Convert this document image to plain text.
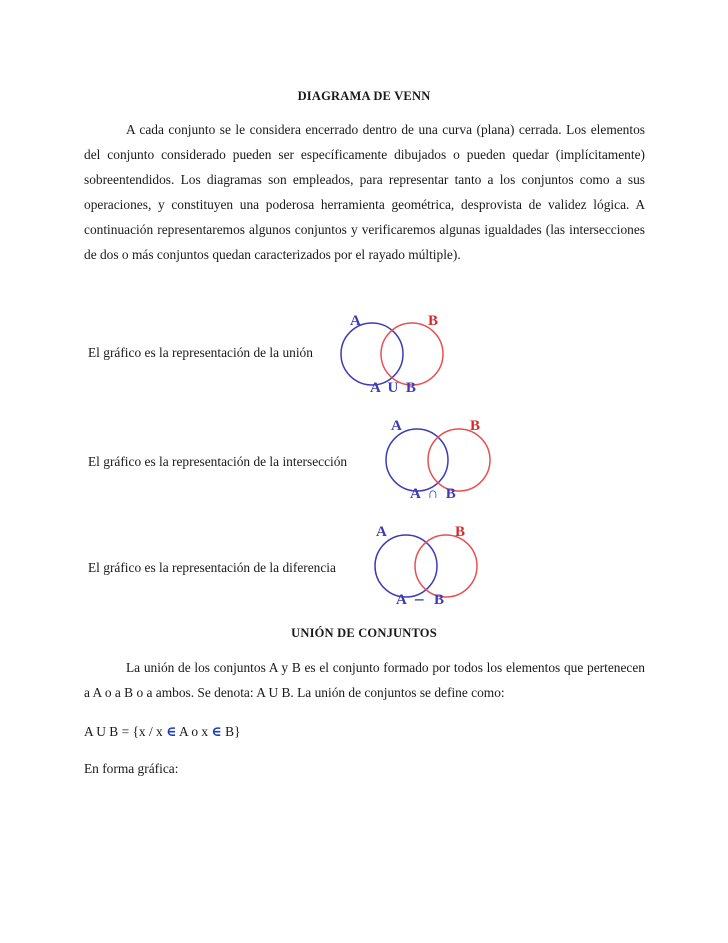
DIAGRAMA DE VENN

A cada conjunto se le considera encerrado dentro de una curva (plana) cerrada. Los elementos del conjunto considerado pueden ser específicamente dibujados o pueden quedar (implícitamente) sobreentendidos. Los diagramas son empleados, para representar tanto a los conjuntos como a sus operaciones, y constituyen una poderosa herramienta geométrica, desprovista de validez lógica. A continuación representaremos algunos conjuntos y verificaremos algunas igualdades (las intersecciones de dos o más conjuntos quedan caracterizados por el rayado múltiple).

El gráfico es la representación de la unión
A	B
A  U  B
El gráfico es la representación de la intersección
A	B
A  ∩  B
El gráfico es la representación de la diferencia
A	B
A – B
UNIÓN DE CONJUNTOS

La unión de los conjuntos A y B es el conjunto formado por todos los elementos que pertenecen a A o a B o a ambos. Se denota: A U B. La unión de conjuntos se define como:

A U B = {x / x ∈ A o x ∈ B}
En forma gráfica:
